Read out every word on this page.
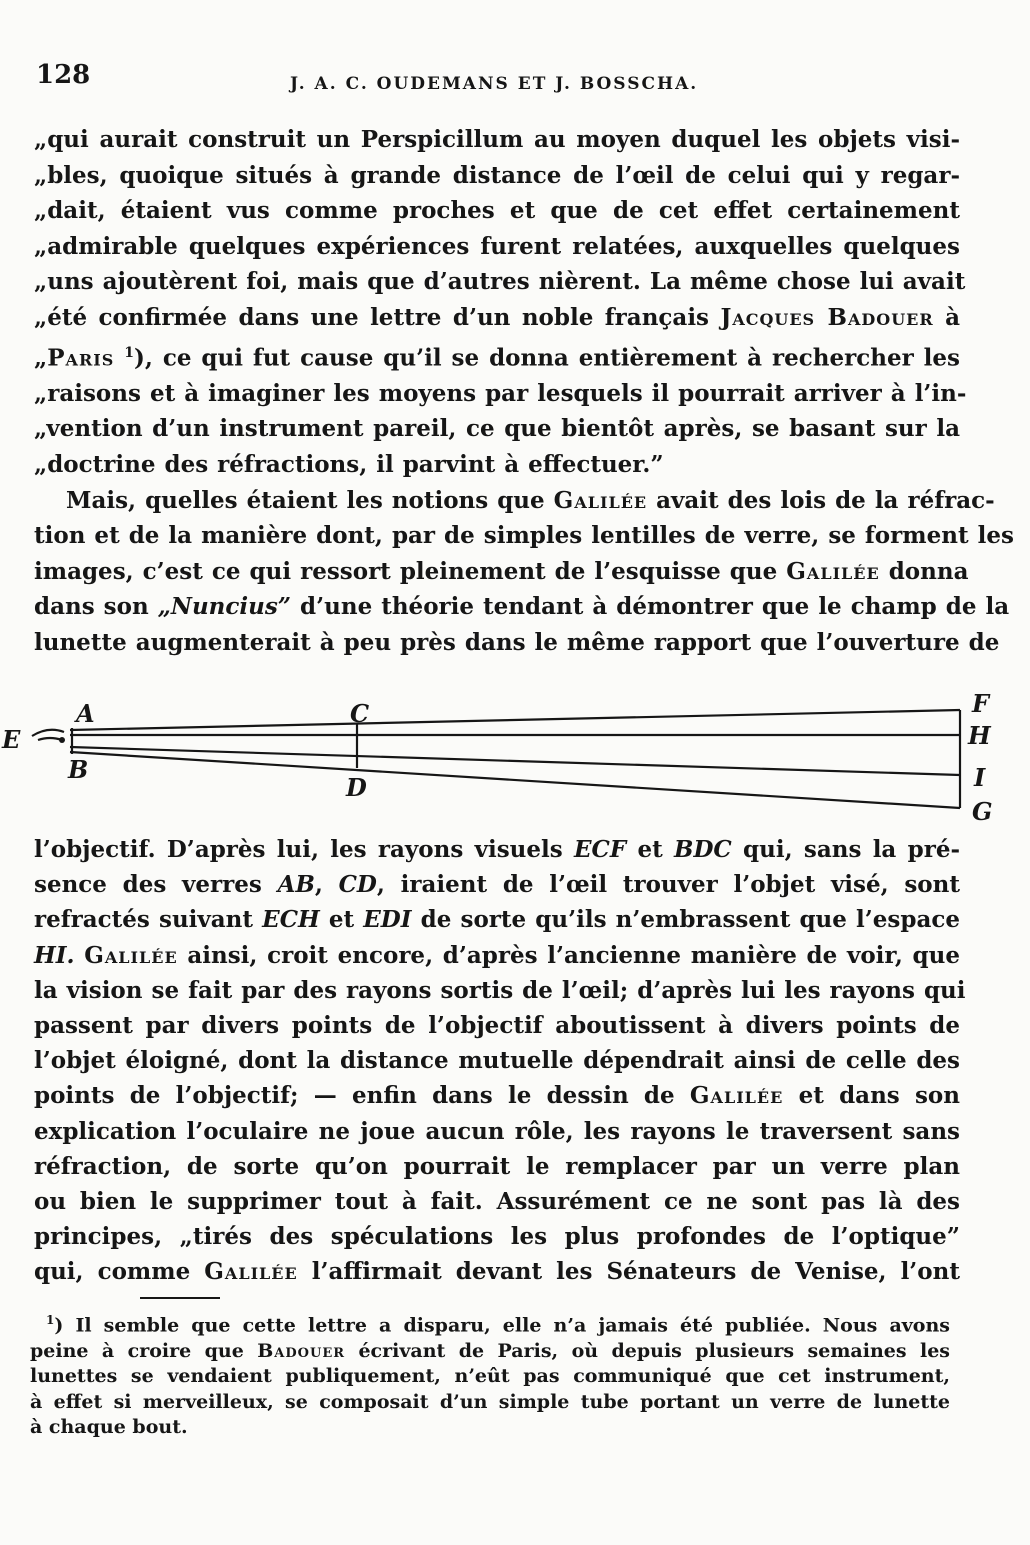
128	J. A. C. OUDEMANS ET J. BOSSCHA.
„qui aurait construit un Perspicillum au moyen duquel les objets visi-
„bles, quoique situés à grande distance de l’œil de celui qui y regar-
„dait, étaient vus comme proches et que de cet effet certainement
„admirable quelques expériences furent relatées, auxquelles quelques
„uns ajoutèrent foi, mais que d’autres nièrent. La même chose lui avait
„été confirmée dans une lettre d’un noble français Jacques Badouer à
„Paris $^1$), ce qui fut cause qu’il se donna entièrement à rechercher les
„raisons et à imaginer les moyens par lesquels il pourrait arriver à l’in-
„vention d’un instrument pareil, ce que bientôt après, se basant sur la
„doctrine des réfractions, il parvint à effectuer.”
Mais, quelles étaient les notions que Galilée avait des lois de la réfrac-
tion et de la manière dont, par de simples lentilles de verre, se forment les
images, c’est ce qui ressort pleinement de l’esquisse que Galilée donna
dans son „Nuncius” d’une théorie tendant à démontrer que le champ de la
lunette augmenterait à peu près dans le même rapport que l’ouverture de
A
B
C
D
E
F
G
H
I
l’objectif. D’après lui, les rayons visuels ECF et BDC qui, sans la pré-
sence des verres AB, CD, iraient de l’œil trouver l’objet visé, sont
refractés suivant ECH et EDI de sorte qu’ils n’embrassent que l’espace
HI. Galilée ainsi, croit encore, d’après l’ancienne manière de voir, que
la vision se fait par des rayons sortis de l’œil; d’après lui les rayons qui
passent par divers points de l’objectif aboutissent à divers points de
l’objet éloigné, dont la distance mutuelle dépendrait ainsi de celle des
points de l’objectif; — enfin dans le dessin de Galilée et dans son
explication l’oculaire ne joue aucun rôle, les rayons le traversent sans
réfraction, de sorte qu’on pourrait le remplacer par un verre plan
ou bien le supprimer tout à fait. Assurément ce ne sont pas là des
principes, „tirés des spéculations les plus profondes de l’optique”
qui, comme Galilée l’affirmait devant les Sénateurs de Venise, l’ont
$^1$) Il semble que cette lettre a disparu, elle n’a jamais été publiée. Nous avons
peine à croire que Badouer écrivant de Paris, où depuis plusieurs semaines les
lunettes se vendaient publiquement, n’eût pas communiqué que cet instrument,
à effet si merveilleux, se composait d’un simple tube portant un verre de lunette
à chaque bout.
